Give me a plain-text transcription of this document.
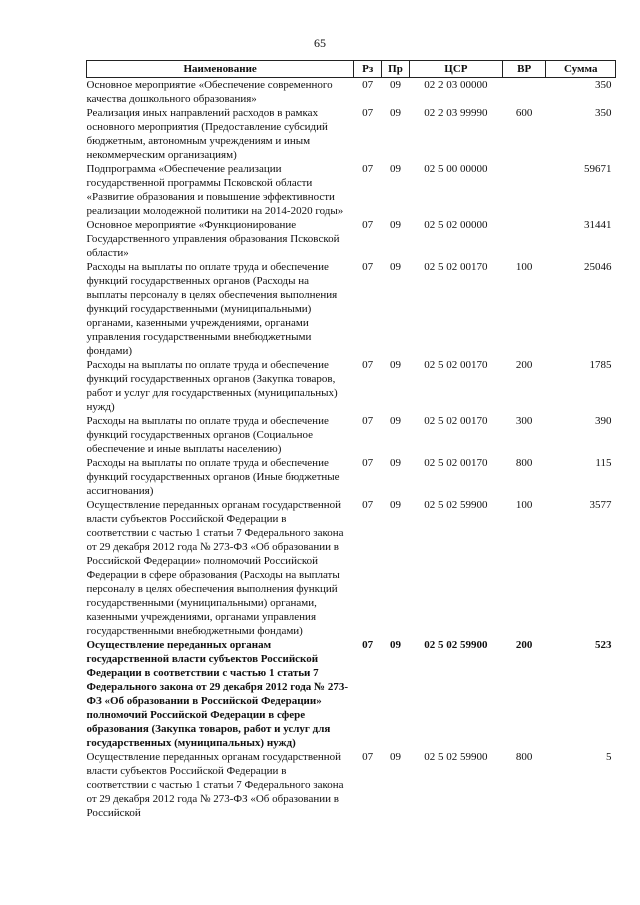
65
Наименование	Рз	Пр	ЦСР	ВР	Сумма
Основное мероприятие «Обеспечение современного качества дошкольного образования»	07	09	02 2 03 00000		350
Реализация иных направлений расходов в рамках основного мероприятия (Предоставление субсидий бюджетным, автономным учреждениям и иным некоммерческим организациям)	07	09	02 2 03 99990	600	350
Подпрограмма «Обеспечение реализации государственной программы Псковской области «Развитие образования и повышение эффективности реализации молодежной политики на 2014-2020 годы»	07	09	02 5 00 00000		59671
Основное мероприятие «Функционирование Государственного управления образования Псковской области»	07	09	02 5 02 00000		31441
Расходы на выплаты по оплате труда и обеспечение функций государственных органов (Расходы на выплаты персоналу в целях обеспечения выполнения функций государственными (муниципальными) органами, казенными учреждениями, органами управления государственными внебюджетными фондами)	07	09	02 5 02 00170	100	25046
Расходы на выплаты по оплате труда и обеспечение функций государственных органов (Закупка товаров, работ и услуг для государственных (муниципальных) нужд)	07	09	02 5 02 00170	200	1785
Расходы на выплаты по оплате труда и обеспечение функций государственных органов (Социальное обеспечение и иные выплаты населению)	07	09	02 5 02 00170	300	390
Расходы на выплаты по оплате труда и обеспечение функций государственных органов (Иные бюджетные ассигнования)	07	09	02 5 02 00170	800	115
Осуществление переданных органам государственной власти субъектов Российской Федерации в соответствии с частью 1 статьи 7 Федерального закона от 29 декабря 2012 года № 273-ФЗ «Об образовании в Российской Федерации» полномочий Российской Федерации в сфере образования (Расходы на выплаты персоналу в целях обеспечения выполнения функций государственными (муниципальными) органами, казенными учреждениями, органами управления государственными внебюджетными фондами)	07	09	02 5 02 59900	100	3577
Осуществление переданных органам государственной власти субъектов Российской Федерации в соответствии с частью 1 статьи 7 Федерального закона от 29 декабря 2012 года № 273-ФЗ «Об образовании в Российской Федерации» полномочий Российской Федерации в сфере образования (Закупка товаров, работ и услуг для государственных (муниципальных) нужд)	07	09	02 5 02 59900	200	523
Осуществление переданных органам государственной власти субъектов Российской Федерации в соответствии с частью 1 статьи 7 Федерального закона от 29 декабря 2012 года № 273-ФЗ «Об образовании в Российской	07	09	02 5 02 59900	800	5
